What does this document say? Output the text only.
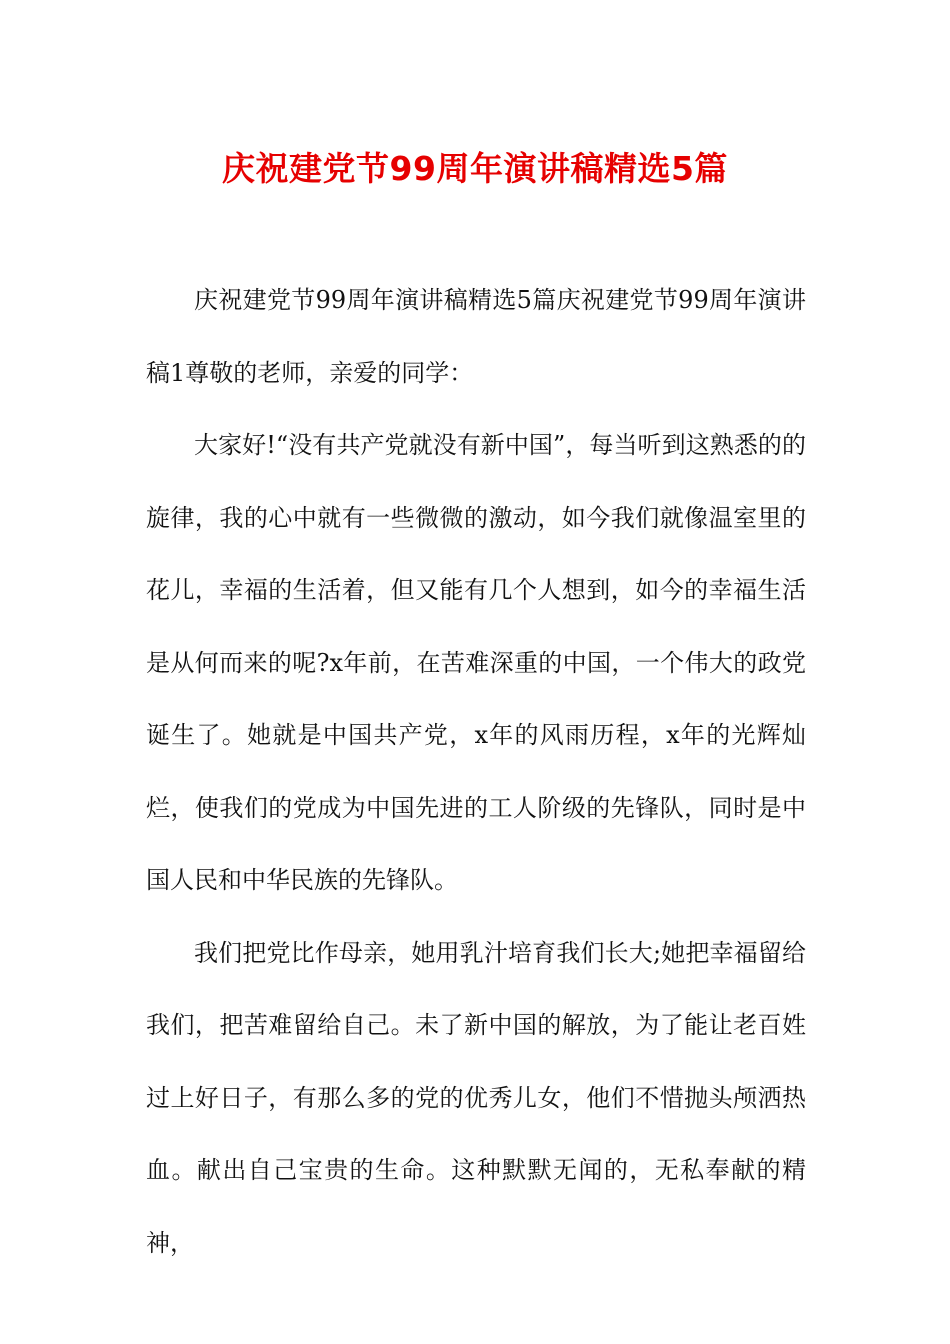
庆祝建党节99周年演讲稿精选5篇

庆祝建党节99周年演讲稿精选5篇庆祝建党节99周年演讲稿1尊敬的老师，亲爱的同学：

大家好!“没有共产党就没有新中国”，每当听到这熟悉的的旋律，我的心中就有一些微微的激动，如今我们就像温室里的花儿，幸福的生活着，但又能有几个人想到，如今的幸福生活是从何而来的呢?x年前，在苦难深重的中国，一个伟大的政党诞生了。她就是中国共产党，x年的风雨历程，x年的光辉灿烂，使我们的党成为中国先进的工人阶级的先锋队，同时是中国人民和中华民族的先锋队。

我们把党比作母亲，她用乳汁培育我们长大;她把幸福留给我们，把苦难留给自己。未了新中国的解放，为了能让老百姓过上好日子，有那么多的党的优秀儿女，他们不惜抛头颅洒热血。献出自己宝贵的生命。这种默默无闻的，无私奉献的精神，
